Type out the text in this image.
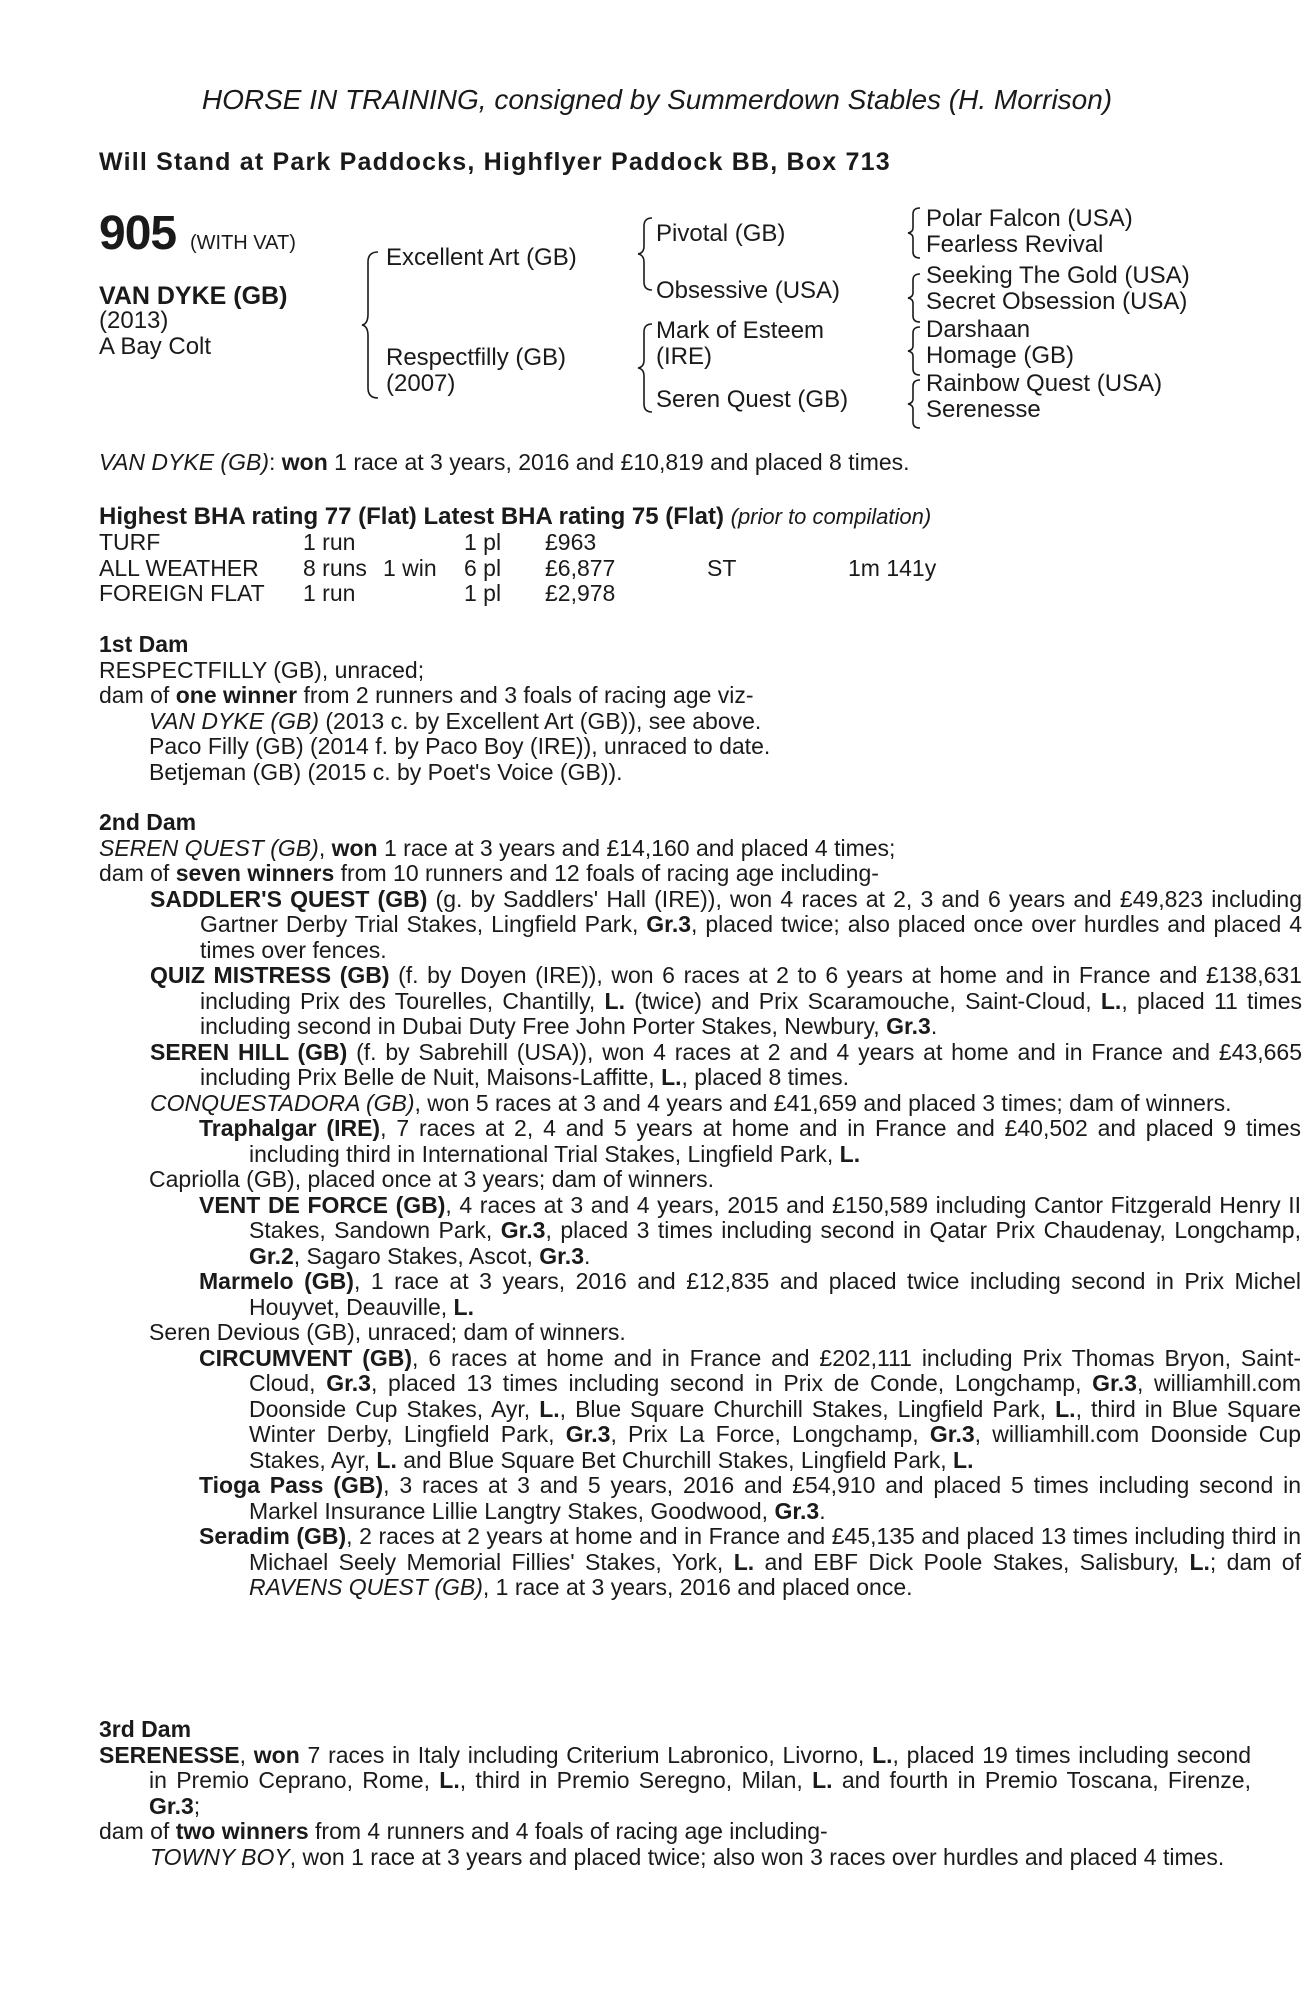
HORSE IN TRAINING, consigned by Summerdown Stables (H. Morrison)
Will Stand at Park Paddocks, Highflyer Paddock BB, Box 713
905 (WITH VAT)
VAN DYKE (GB)
(2013)
A Bay Colt
Excellent Art (GB)
Respectfilly (GB)
(2007)
Pivotal (GB)
Obsessive (USA)
Mark of Esteem
(IRE)
Seren Quest (GB)
Polar Falcon (USA)
Fearless Revival
Seeking The Gold (USA)
Secret Obsession (USA)
Darshaan
Homage (GB)
Rainbow Quest (USA)
Serenesse
VAN DYKE (GB): won 1 race at 3 years, 2016 and £10,819 and placed 8 times.
Highest BHA rating 77 (Flat) Latest BHA rating 75 (Flat) (prior to compilation)
TURF	1 run	1 pl £963
ALL WEATHER 8 runs 1 win 6 pl £6,877	ST	1m 141y
FOREIGN FLAT 1 run	1 pl £2,978
1st Dam
RESPECTFILLY (GB), unraced;
dam of one winner from 2 runners and 3 foals of racing age viz-
VAN DYKE (GB) (2013 c. by Excellent Art (GB)), see above.
Paco Filly (GB) (2014 f. by Paco Boy (IRE)), unraced to date.
Betjeman (GB) (2015 c. by Poet's Voice (GB)).
2nd Dam
SEREN QUEST (GB), won 1 race at 3 years and £14,160 and placed 4 times;
dam of seven winners from 10 runners and 12 foals of racing age including-
SADDLER'S QUEST (GB) (g. by Saddlers' Hall (IRE)), won 4 races at 2, 3 and 6 years and £49,823 including Gartner Derby Trial Stakes, Lingfield Park, Gr.3, placed twice; also placed once over hurdles and placed 4 times over fences.
QUIZ MISTRESS (GB) (f. by Doyen (IRE)), won 6 races at 2 to 6 years at home and in France and £138,631 including Prix des Tourelles, Chantilly, L. (twice) and Prix Scaramouche, Saint-Cloud, L., placed 11 times including second in Dubai Duty Free John Porter Stakes, Newbury, Gr.3.
SEREN HILL (GB) (f. by Sabrehill (USA)), won 4 races at 2 and 4 years at home and in France and £43,665 including Prix Belle de Nuit, Maisons-Laffitte, L., placed 8 times.
CONQUESTADORA (GB), won 5 races at 3 and 4 years and £41,659 and placed 3 times; dam of winners.
Traphalgar (IRE), 7 races at 2, 4 and 5 years at home and in France and £40,502 and placed 9 times including third in International Trial Stakes, Lingfield Park, L.
Capriolla (GB), placed once at 3 years; dam of winners.
VENT DE FORCE (GB), 4 races at 3 and 4 years, 2015 and £150,589 including Cantor Fitzgerald Henry II Stakes, Sandown Park, Gr.3, placed 3 times including second in Qatar Prix Chaudenay, Longchamp, Gr.2, Sagaro Stakes, Ascot, Gr.3.
Marmelo (GB), 1 race at 3 years, 2016 and £12,835 and placed twice including second in Prix Michel Houyvet, Deauville, L.
Seren Devious (GB), unraced; dam of winners.
CIRCUMVENT (GB), 6 races at home and in France and £202,111 including Prix Thomas Bryon, Saint-Cloud, Gr.3, placed 13 times including second in Prix de Conde, Longchamp, Gr.3, williamhill.com Doonside Cup Stakes, Ayr, L., Blue Square Churchill Stakes, Lingfield Park, L., third in Blue Square Winter Derby, Lingfield Park, Gr.3, Prix La Force, Longchamp, Gr.3, williamhill.com Doonside Cup Stakes, Ayr, L. and Blue Square Bet Churchill Stakes, Lingfield Park, L.
Tioga Pass (GB), 3 races at 3 and 5 years, 2016 and £54,910 and placed 5 times including second in Markel Insurance Lillie Langtry Stakes, Goodwood, Gr.3.
Seradim (GB), 2 races at 2 years at home and in France and £45,135 and placed 13 times including third in Michael Seely Memorial Fillies' Stakes, York, L. and EBF Dick Poole Stakes, Salisbury, L.; dam of RAVENS QUEST (GB), 1 race at 3 years, 2016 and placed once.
3rd Dam
SERENESSE, won 7 races in Italy including Criterium Labronico, Livorno, L., placed 19 times including second in Premio Ceprano, Rome, L., third in Premio Seregno, Milan, L. and fourth in Premio Toscana, Firenze, Gr.3;
dam of two winners from 4 runners and 4 foals of racing age including-
TOWNY BOY, won 1 race at 3 years and placed twice; also won 3 races over hurdles and placed 4 times.
